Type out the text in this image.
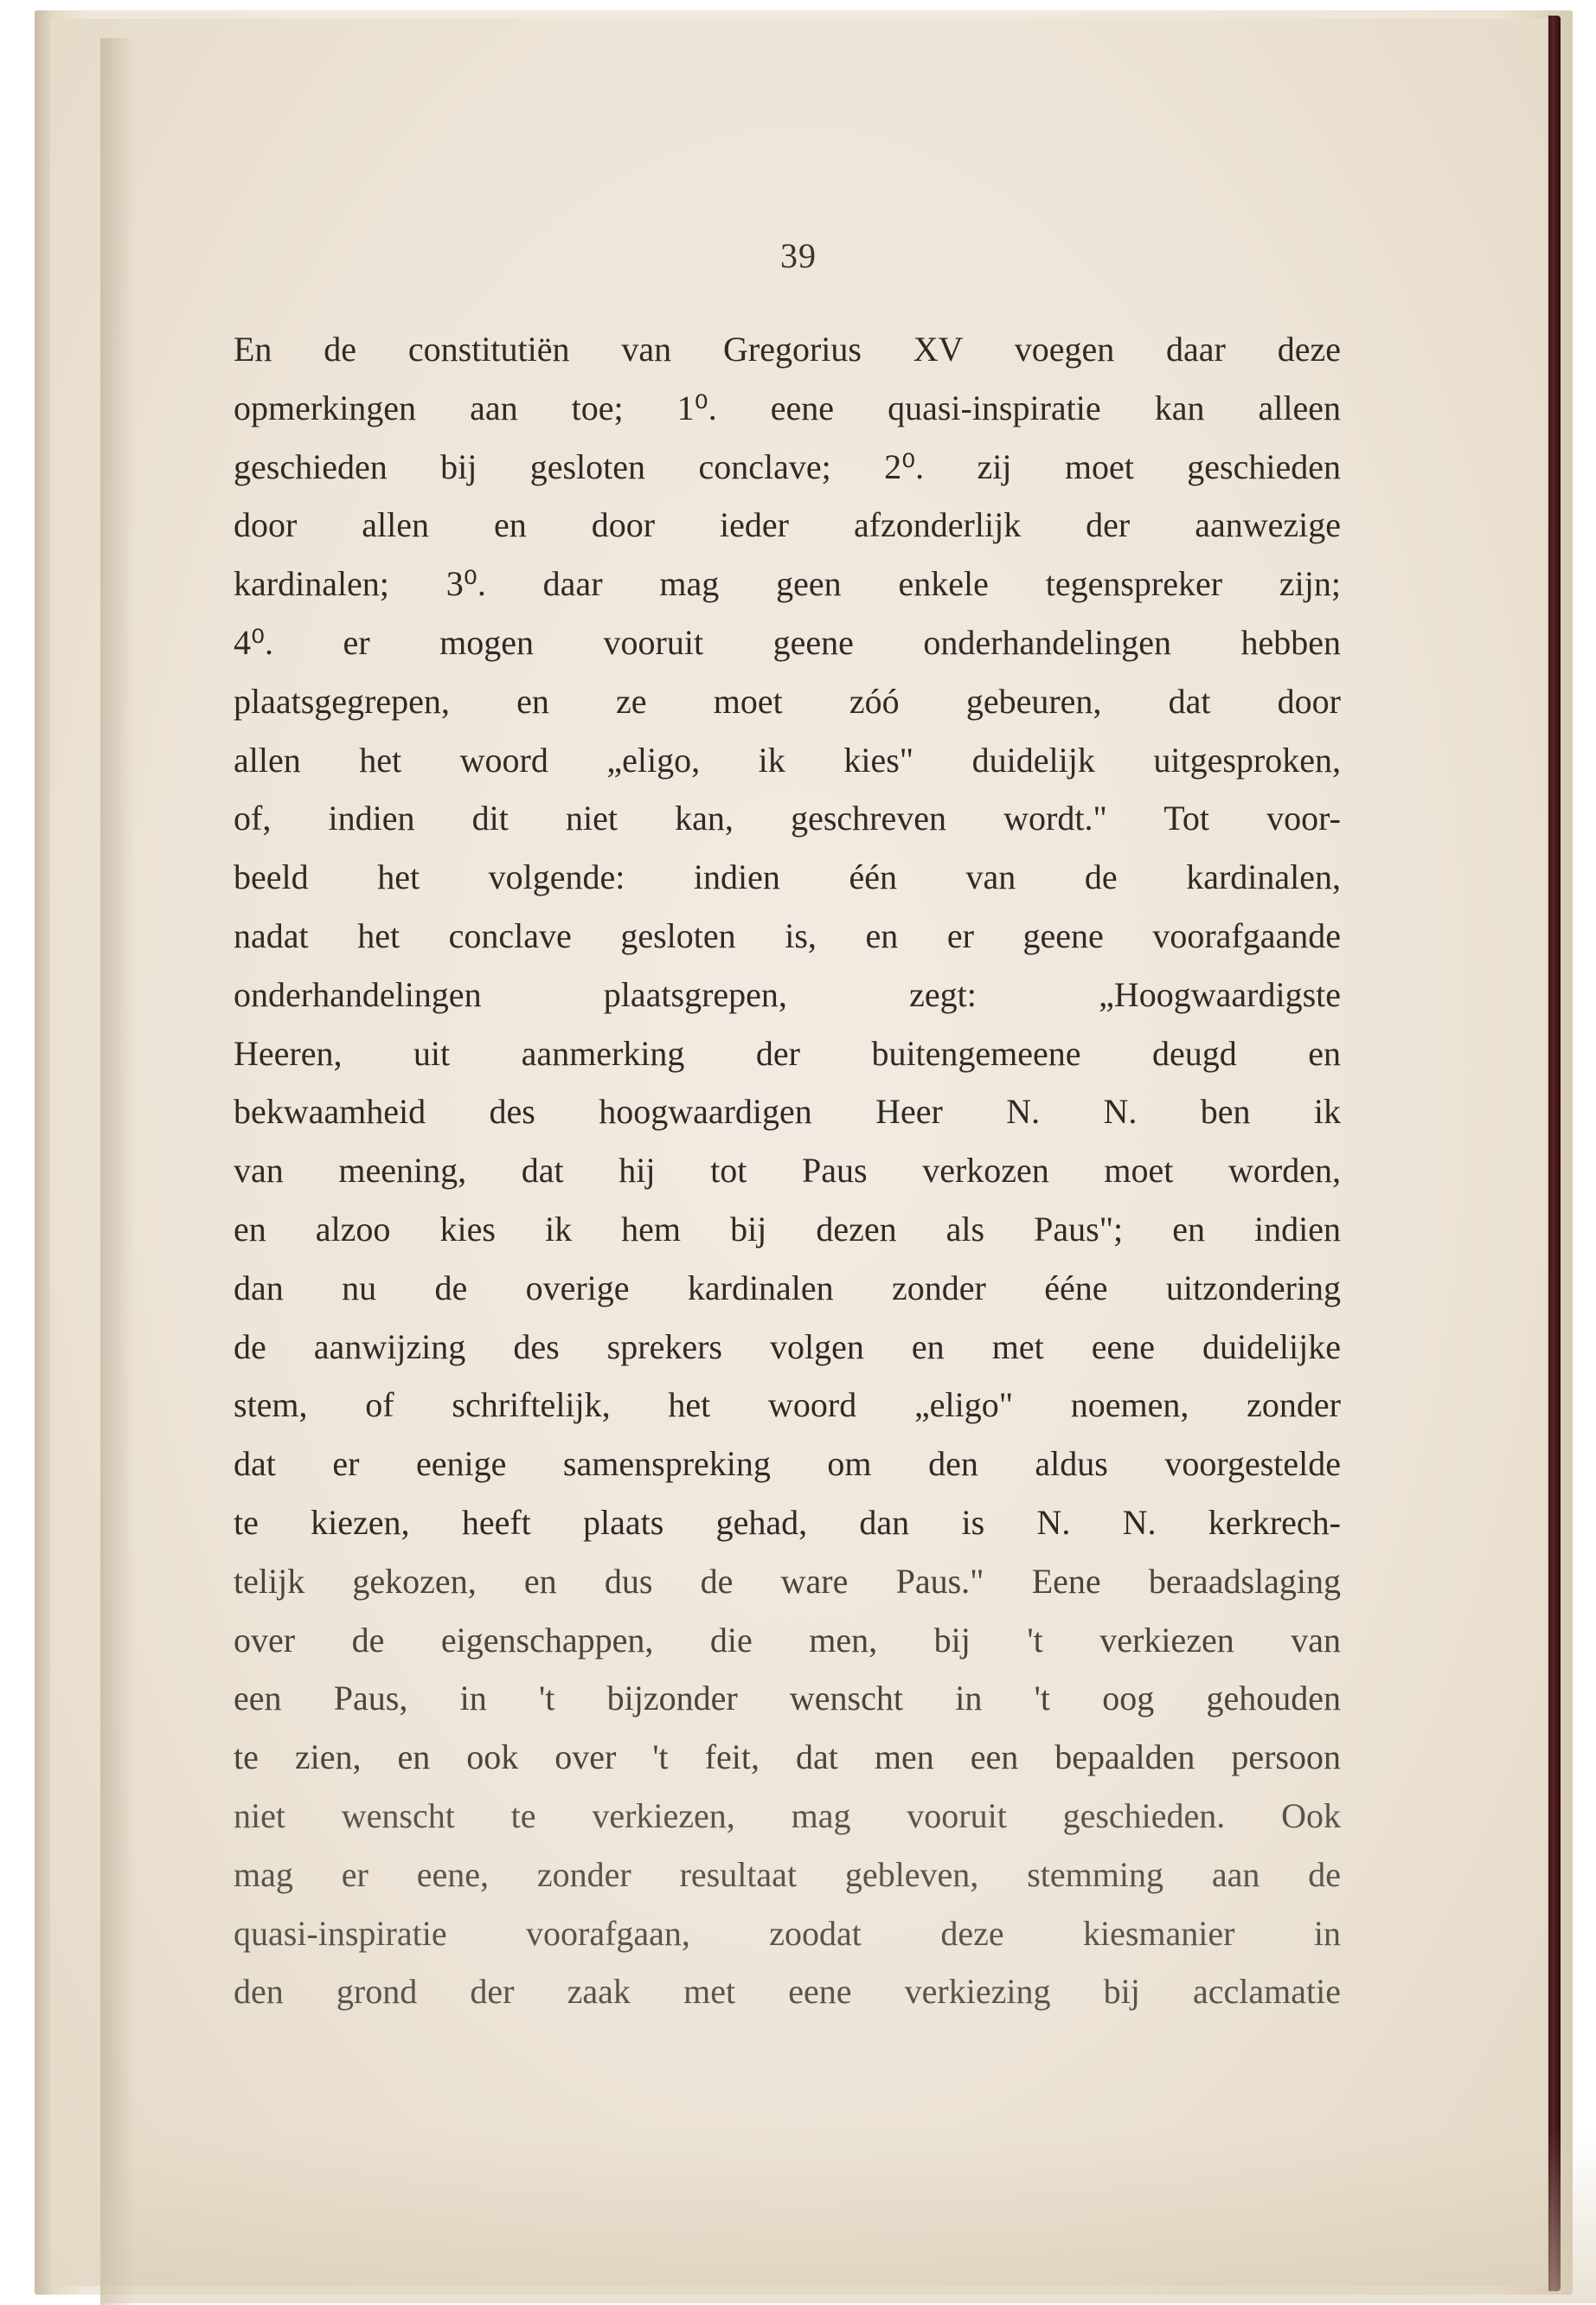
39
En de constitutiën van Gregorius XV voegen daar deze
opmerkingen aan toe; 1⁰. eene quasi-inspiratie kan alleen
geschieden bij gesloten conclave; 2⁰. zij moet geschieden
door allen en door ieder afzonderlijk der aanwezige
kardinalen; 3⁰. daar mag geen enkele tegenspreker zijn;
4⁰. er mogen vooruit geene onderhandelingen hebben
plaatsgegrepen, en ze moet zóó gebeuren, dat door
allen het woord „eligo, ik kies" duidelijk uitgesproken,
of, indien dit niet kan, geschreven wordt." Tot voor-
beeld het volgende: indien één van de kardinalen,
nadat het conclave gesloten is, en er geene voorafgaande
onderhandelingen plaatsgrepen, zegt: „Hoogwaardigste
Heeren, uit aanmerking der buitengemeene deugd en
bekwaamheid des hoogwaardigen Heer N. N. ben ik
van meening, dat hij tot Paus verkozen moet worden,
en alzoo kies ik hem bij dezen als Paus"; en indien
dan nu de overige kardinalen zonder ééne uitzondering
de aanwijzing des sprekers volgen en met eene duidelijke
stem, of schriftelijk, het woord „eligo" noemen, zonder
dat er eenige samenspreking om den aldus voorgestelde
te kiezen, heeft plaats gehad, dan is N. N. kerkrech-
telijk gekozen, en dus de ware Paus." Eene beraadslaging
over de eigenschappen, die men, bij 't verkiezen van
een Paus, in 't bijzonder wenscht in 't oog gehouden
te zien, en ook over 't feit, dat men een bepaalden persoon
niet wenscht te verkiezen, mag vooruit geschieden. Ook
mag er eene, zonder resultaat gebleven, stemming aan de
quasi-inspiratie voorafgaan, zoodat deze kiesmanier in
den grond der zaak met eene verkiezing bij acclamatie
